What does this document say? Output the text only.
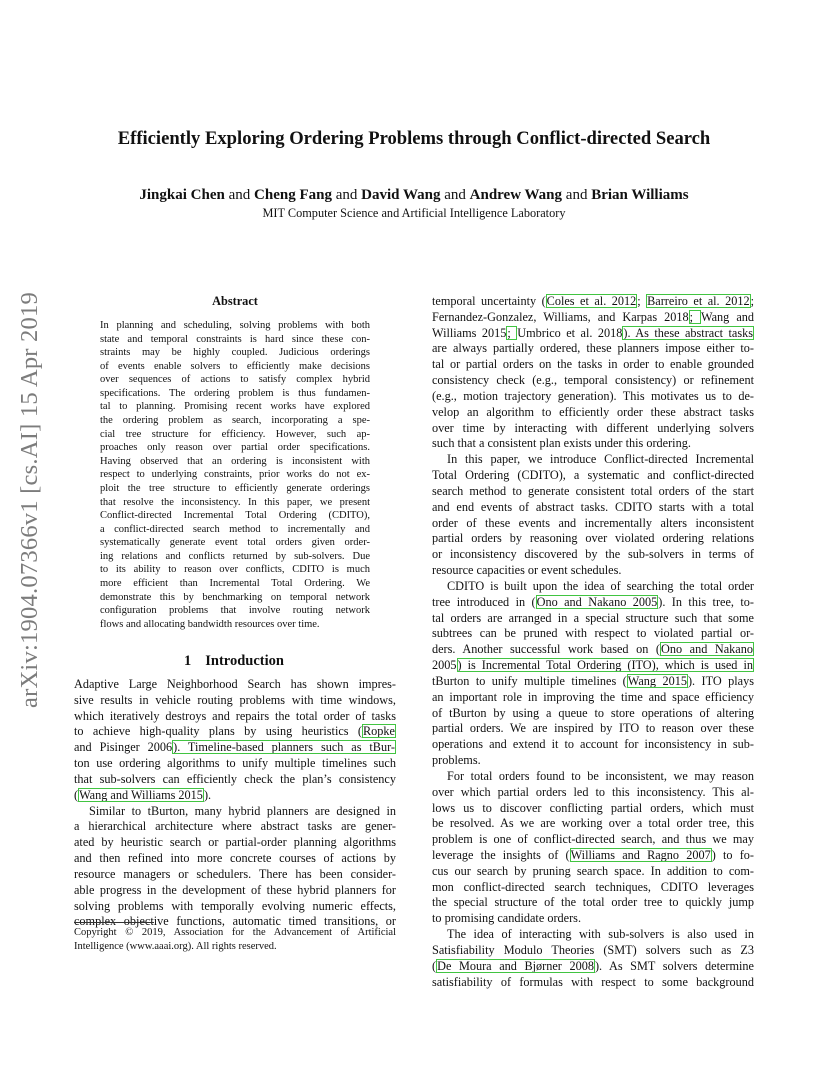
Efficiently Exploring Ordering Problems through Conflict-directed Search
Jingkai Chen and Cheng Fang and David Wang and Andrew Wang and Brian Williams
MIT Computer Science and Artificial Intelligence Laboratory
arXiv:1904.07366v1 [cs.AI] 15 Apr 2019	Abstract
In planning and scheduling, solving problems with both
state and temporal constraints is hard since these con-
straints may be highly coupled. Judicious orderings
of events enable solvers to efficiently make decisions
over sequences of actions to satisfy complex hybrid
specifications. The ordering problem is thus fundamen-
tal to planning. Promising recent works have explored
the ordering problem as search, incorporating a spe-
cial tree structure for efficiency. However, such ap-
proaches only reason over partial order specifications.
Having observed that an ordering is inconsistent with
respect to underlying constraints, prior works do not ex-
ploit the tree structure to efficiently generate orderings
that resolve the inconsistency. In this paper, we present
Conflict-directed Incremental Total Ordering (CDITO),
a conflict-directed search method to incrementally and
systematically generate event total orders given order-
ing relations and conflicts returned by sub-solvers. Due
to its ability to reason over conflicts, CDITO is much
more efficient than Incremental Total Ordering. We
demonstrate this by benchmarking on temporal network
configuration problems that involve routing network
flows and allocating bandwidth resources over time.
1 Introduction
Adaptive Large Neighborhood Search has shown impres-
sive results in vehicle routing problems with time windows,
which iteratively destroys and repairs the total order of tasks
to achieve high-quality plans by using heuristics (Ropke
and Pisinger 2006). Timeline-based planners such as tBur-
ton use ordering algorithms to unify multiple timelines such
that sub-solvers can efficiently check the plan’s consistency
(Wang and Williams 2015).
Similar to tBurton, many hybrid planners are designed in
a hierarchical architecture where abstract tasks are gener-
ated by heuristic search or partial-order planning algorithms
and then refined into more concrete courses of actions by
resource managers or schedulers. There has been consider-
able progress in the development of these hybrid planners for
solving problems with temporally evolving numeric effects,
complex objective functions, automatic timed transitions, or
temporal uncertainty (Coles et al. 2012; Barreiro et al. 2012;
Fernandez-Gonzalez, Williams, and Karpas 2018; Wang and
Williams 2015; Umbrico et al. 2018). As these abstract tasks
are always partially ordered, these planners impose either to-
tal or partial orders on the tasks in order to enable grounded
consistency check (e.g., temporal consistency) or refinement
(e.g., motion trajectory generation). This motivates us to de-
velop an algorithm to efficiently order these abstract tasks
over time by interacting with different underlying solvers
such that a consistent plan exists under this ordering.
In this paper, we introduce Conflict-directed Incremental
Total Ordering (CDITO), a systematic and conflict-directed
search method to generate consistent total orders of the start
and end events of abstract tasks. CDITO starts with a total
order of these events and incrementally alters inconsistent
partial orders by reasoning over violated ordering relations
or inconsistency discovered by the sub-solvers in terms of
resource capacities or event schedules.
CDITO is built upon the idea of searching the total order
tree introduced in (Ono and Nakano 2005). In this tree, to-
tal orders are arranged in a special structure such that some
subtrees can be pruned with respect to violated partial or-
ders. Another successful work based on (Ono and Nakano
2005) is Incremental Total Ordering (ITO), which is used in
tBurton to unify multiple timelines (Wang 2015). ITO plays
an important role in improving the time and space efficiency
of tBurton by using a queue to store operations of altering
partial orders. We are inspired by ITO to reason over these
operations and extend it to account for inconsistency in sub-
problems.
For total orders found to be inconsistent, we may reason
over which partial orders led to this inconsistency. This al-
lows us to discover conflicting partial orders, which must
be resolved. As we are working over a total order tree, this
problem is one of conflict-directed search, and thus we may
leverage the insights of (Williams and Ragno 2007) to fo-
cus our search by pruning search space. In addition to com-
mon conflict-directed search techniques, CDITO leverages
the special structure of the total order tree to quickly jump
to promising candidate orders.
The idea of interacting with sub-solvers is also used in
Satisfiability Modulo Theories (SMT) solvers such as Z3
(De Moura and Bjørner 2008). As SMT solvers determine
satisfiability of formulas with respect to some background
Copyright © 2019, Association for the Advancement of Artificial
Intelligence (www.aaai.org). All rights reserved.
